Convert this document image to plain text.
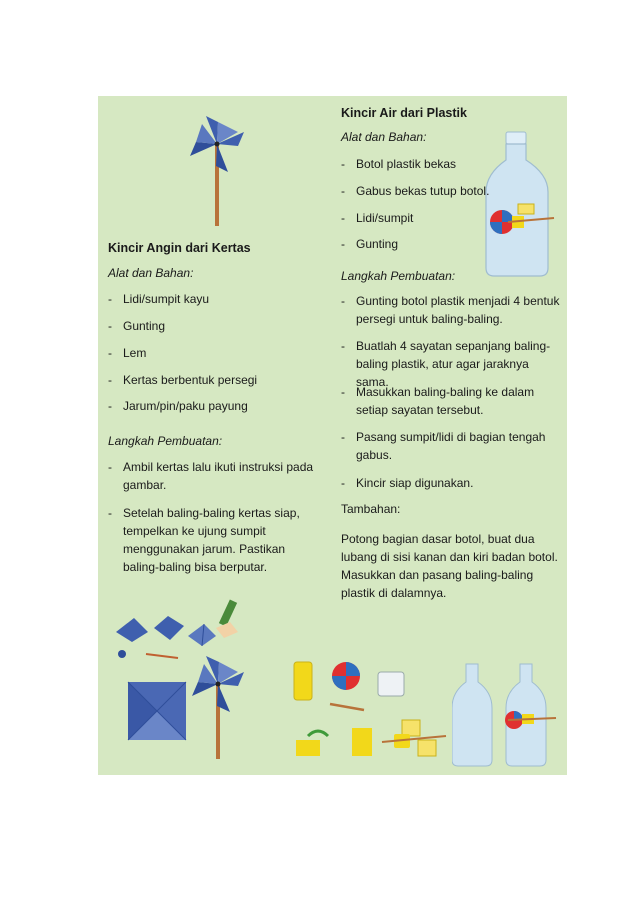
Kincir Angin dari Kertas
Alat dan Bahan:
- Lidi/sumpit kayu
- Gunting
- Lem
- Kertas berbentuk persegi
- Jarum/pin/paku payung
Langkah Pembuatan:
- Ambil kertas lalu ikuti instruksi pada gambar.
- Setelah baling-baling kertas siap, tempelkan ke ujung sumpit menggunakan jarum. Pastikan baling-baling bisa berputar.
Kincir Air dari Plastik
Alat dan Bahan:
- Botol plastik bekas
- Gabus bekas tutup botol.
- Lidi/sumpit
- Gunting
Langkah Pembuatan:
- Gunting botol plastik menjadi 4 bentuk persegi untuk baling-baling.
- Buatlah 4 sayatan sepanjang baling-baling plastik, atur agar jaraknya sama.
- Masukkan baling-baling ke dalam setiap sayatan tersebut.
- Pasang sumpit/lidi di bagian tengah gabus.
- Kincir siap digunakan.
Tambahan:
Potong bagian dasar botol, buat dua lubang di sisi kanan dan kiri badan botol. Masukkan dan pasang baling-baling plastik di dalamnya.
